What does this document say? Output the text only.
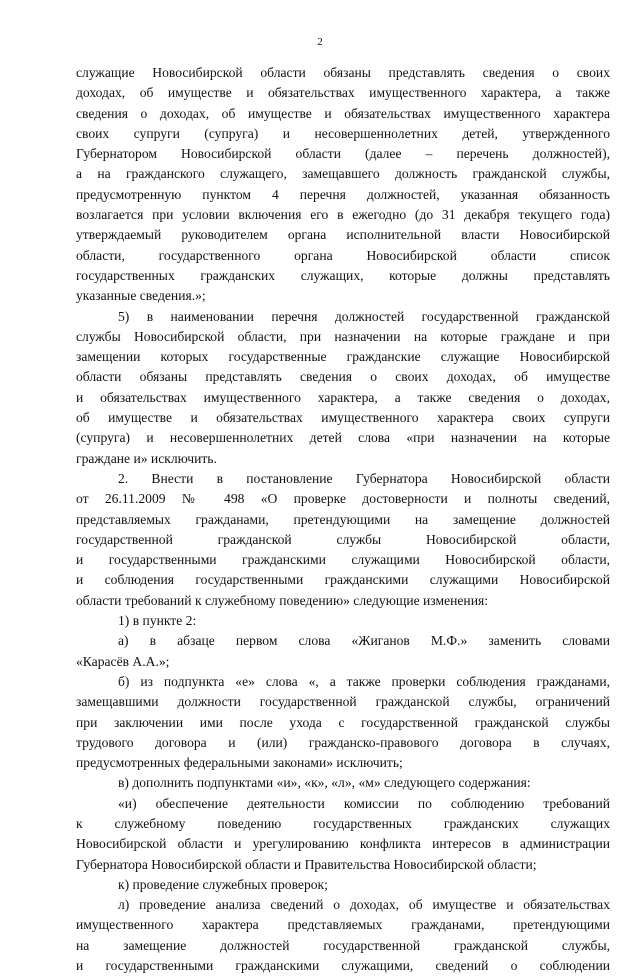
2
служащие Новосибирской области обязаны представлять сведения о своих
доходах, об имуществе и обязательствах имущественного характера, а также
сведения о доходах, об имуществе и обязательствах имущественного характера
своих супруги (супруга) и несовершеннолетних детей, утвержденного
Губернатором Новосибирской области (далее – перечень должностей),
а на гражданского служащего, замещавшего должность гражданской службы,
предусмотренную пунктом 4 перечня должностей, указанная обязанность
возлагается при условии включения его в ежегодно (до 31 декабря текущего года)
утверждаемый руководителем органа исполнительной власти Новосибирской
области, государственного органа Новосибирской области список
государственных гражданских служащих, которые должны представлять
указанные сведения.»;
5) в наименовании перечня должностей государственной гражданской
службы Новосибирской области, при назначении на которые граждане и при
замещении которых государственные гражданские служащие Новосибирской
области обязаны представлять сведения о своих доходах, об имуществе
и обязательствах имущественного характера, а также сведения о доходах,
об имуществе и обязательствах имущественного характера своих супруги
(супруга) и несовершеннолетних детей слова «при назначении на которые
граждане и» исключить.
2. Внести в постановление Губернатора Новосибирской области
от 26.11.2009 № 498 «О проверке достоверности и полноты сведений,
представляемых гражданами, претендующими на замещение должностей
государственной гражданской службы Новосибирской области,
и государственными гражданскими служащими Новосибирской области,
и соблюдения государственными гражданскими служащими Новосибирской
области требований к служебному поведению» следующие изменения:
1) в пункте 2:
а) в абзаце первом слова «Жиганов М.Ф.» заменить словами
«Карасёв А.А.»;
б) из подпункта «е» слова «, а также проверки соблюдения гражданами,
замещавшими должности государственной гражданской службы, ограничений
при заключении ими после ухода с государственной гражданской службы
трудового договора и (или) гражданско-правового договора в случаях,
предусмотренных федеральными законами» исключить;
в) дополнить подпунктами «и», «к», «л», «м» следующего содержания:
«и) обеспечение деятельности комиссии по соблюдению требований
к служебному поведению государственных гражданских служащих
Новосибирской области и урегулированию конфликта интересов в администрации
Губернатора Новосибирской области и Правительства Новосибирской области;
к) проведение служебных проверок;
л) проведение анализа сведений о доходах, об имуществе и обязательствах
имущественного характера представляемых гражданами, претендующими
на замещение должностей государственной гражданской службы,
и государственными гражданскими служащими, сведений о соблюдении
